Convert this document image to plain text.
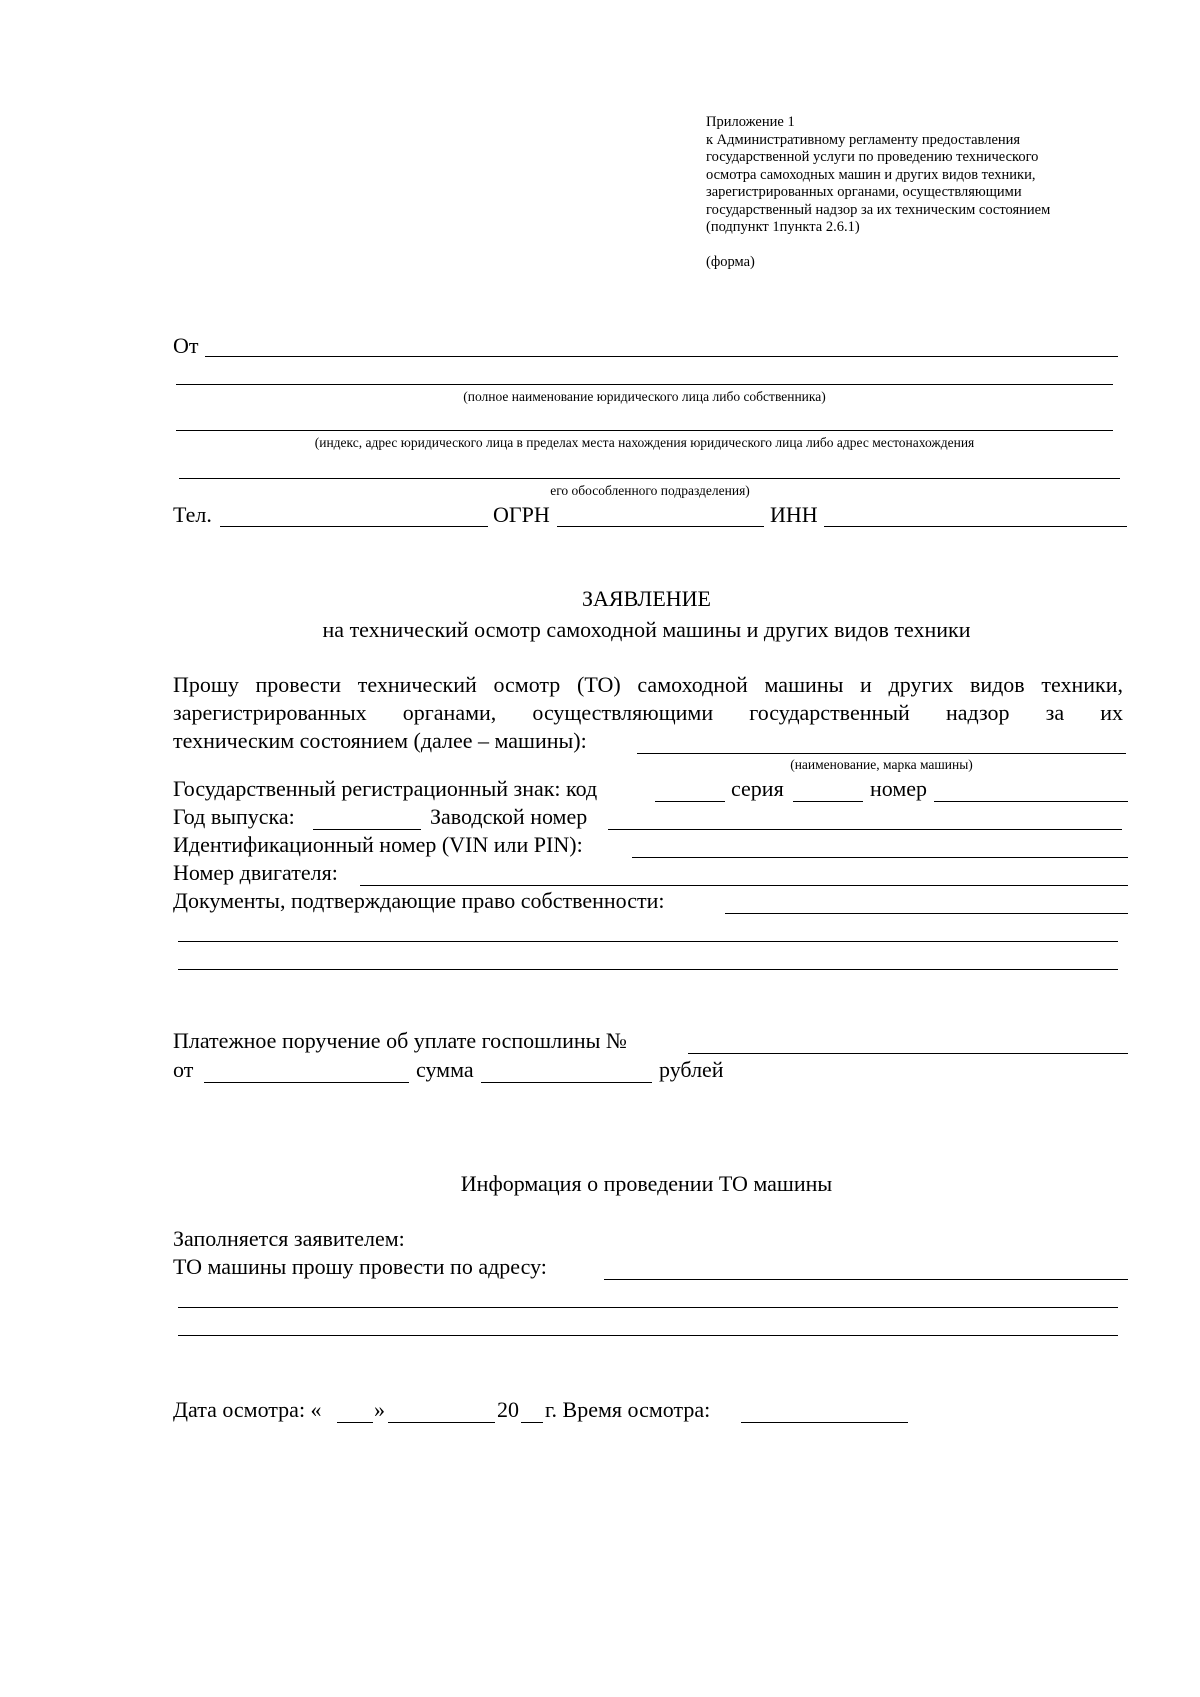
Приложение 1
к Административному регламенту предоставления
государственной услуги по проведению технического
осмотра самоходных машин и других видов техники,
зарегистрированных органами, осуществляющими
государственный надзор за их техническим состоянием
(подпункт 1пункта 2.6.1)
(форма)
От
(полное наименование юридического лица либо собственника)
(индекс, адрес юридического лица в пределах места нахождения юридического лица либо адрес местонахождения
его обособленного подразделения)
Тел.	ОГРН	ИНН
ЗАЯВЛЕНИЕ
на технический осмотр самоходной машины и других видов техники
Прошу провести технический осмотр (ТО) самоходной машины и других видов техники,
зарегистрированных органами, осуществляющими государственный надзор за их
техническим состоянием (далее – машины):
(наименование, марка машины)
Государственный регистрационный знак: код	серия	номер
Год выпуска:	Заводской номер
Идентификационный номер (VIN или PIN):
Номер двигателя:
Документы, подтверждающие право собственности:
Платежное поручение об уплате госпошлины №
от	сумма	рублей
Информация о проведении ТО машины
Заполняется заявителем:
ТО машины прошу провести по адресу:
Дата осмотра: « »	20 г. Время осмотра:
